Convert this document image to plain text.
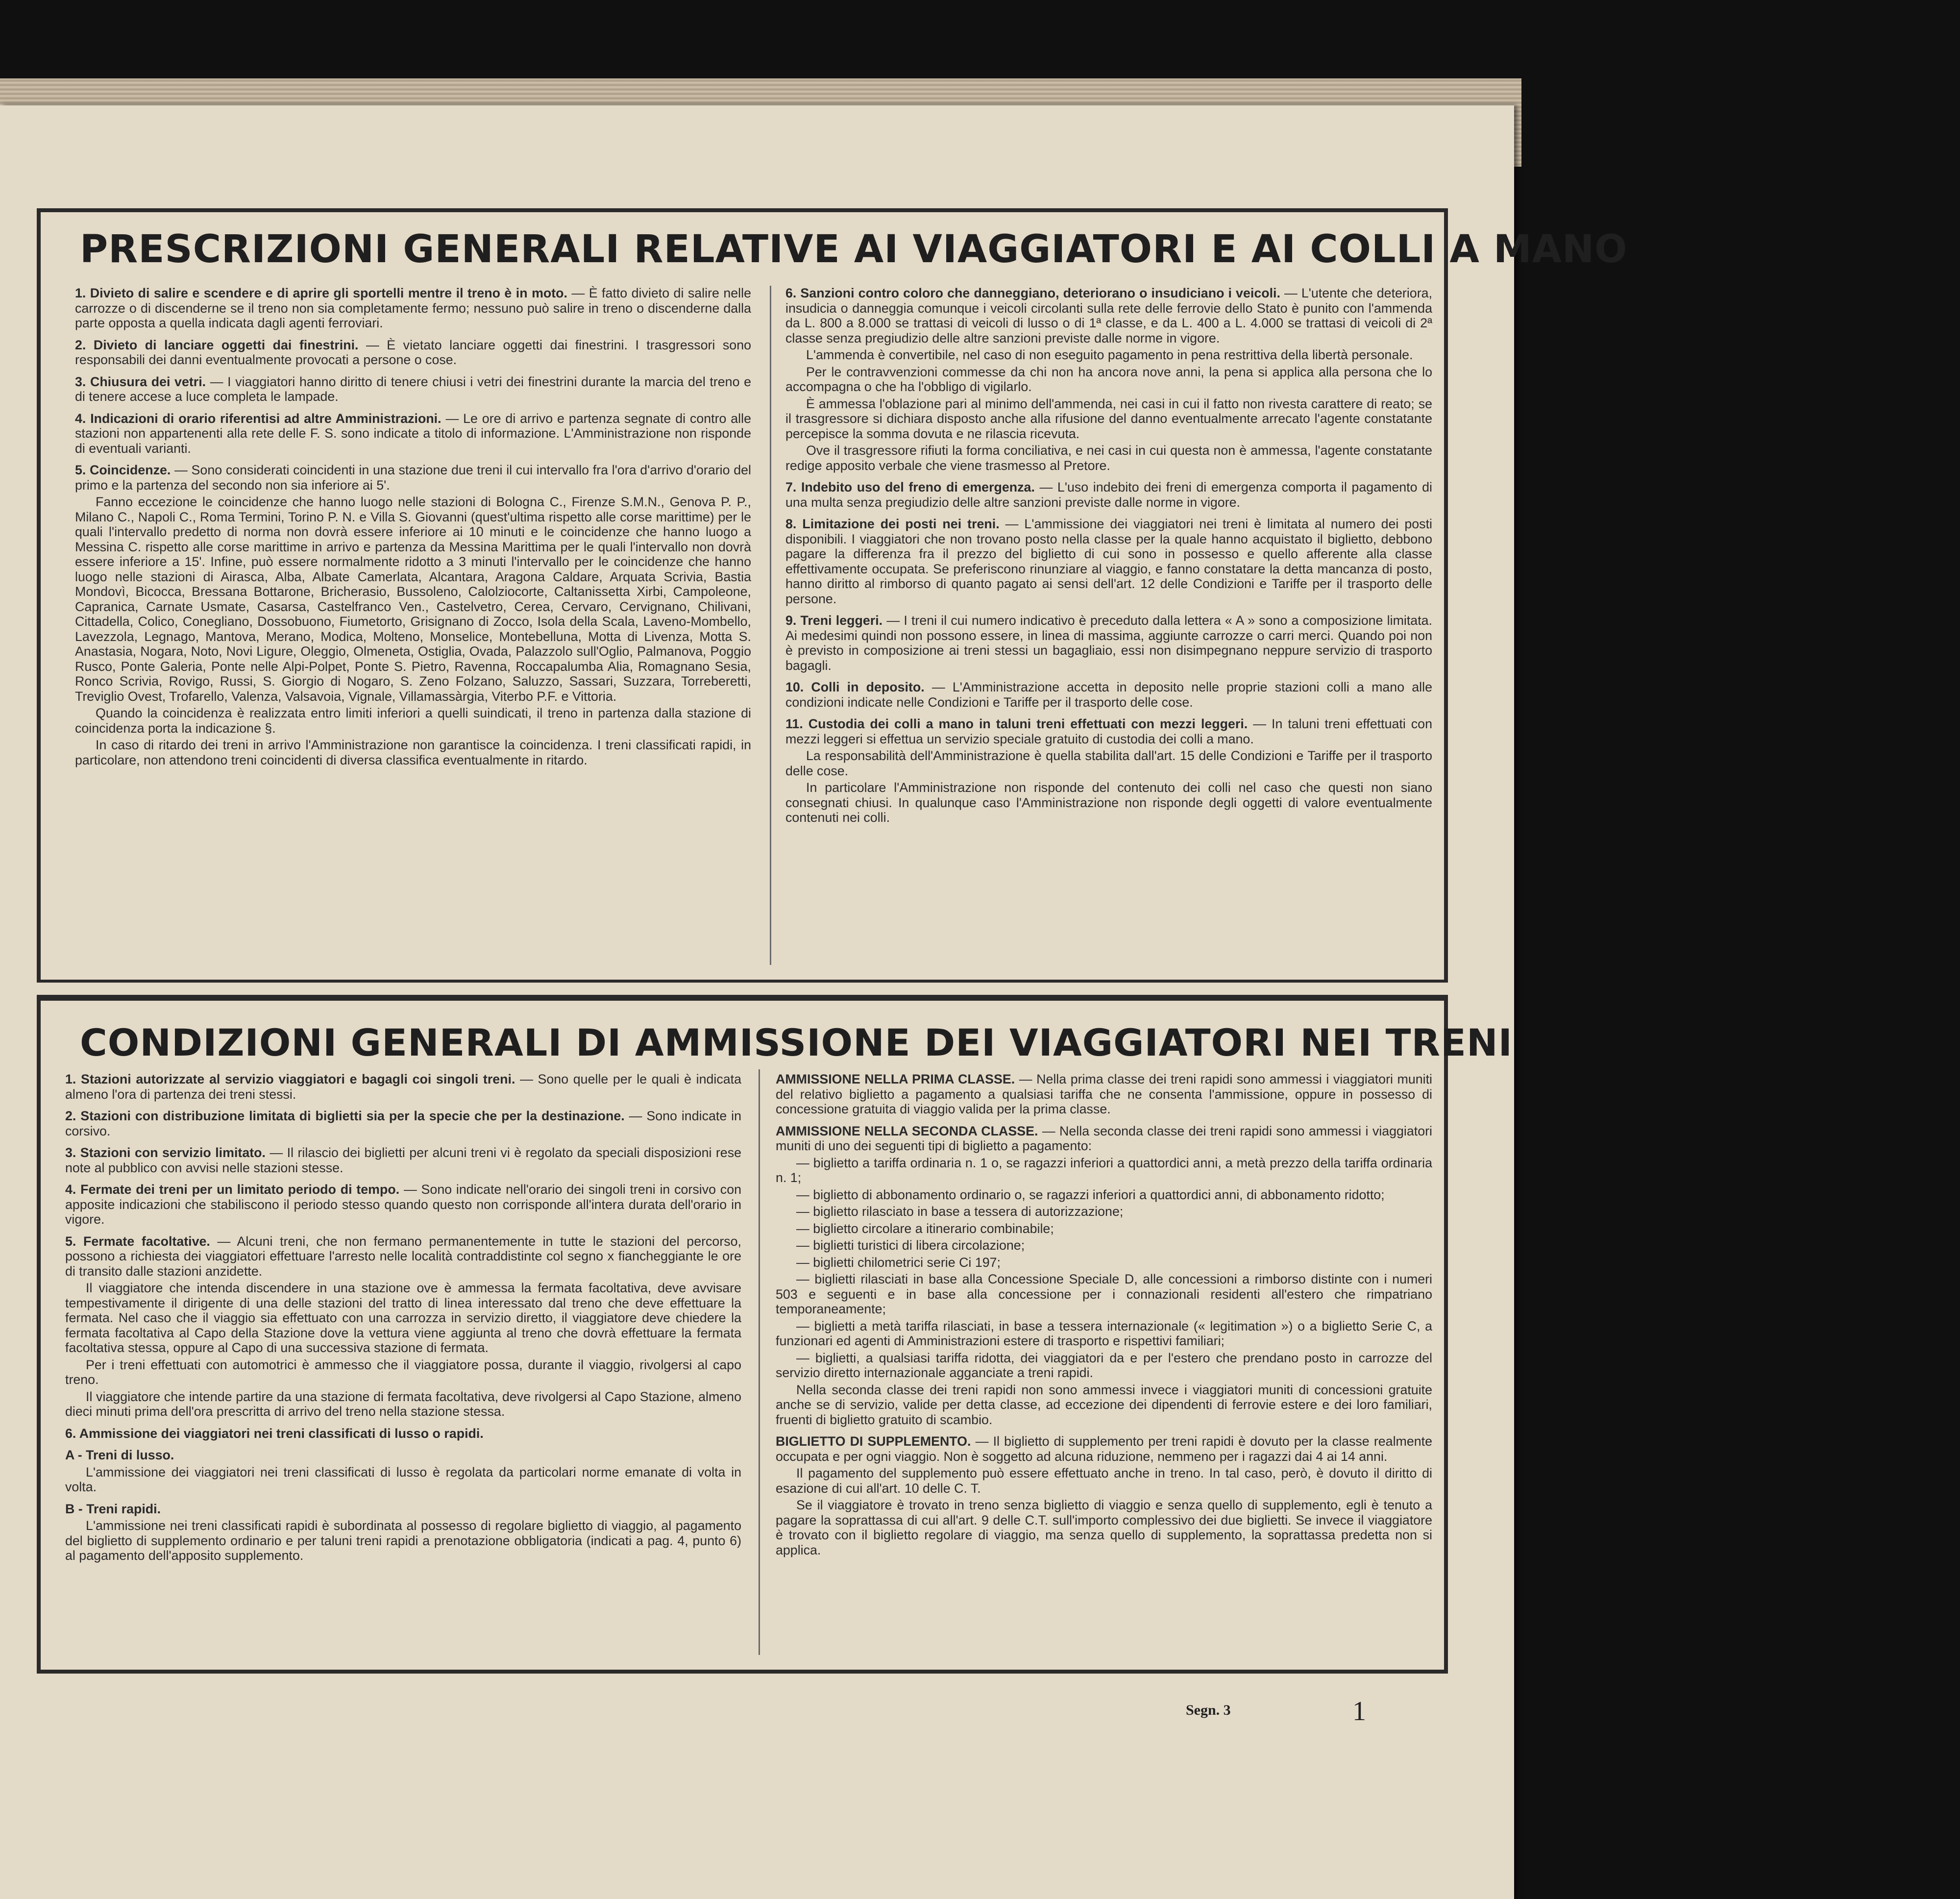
PRESCRIZIONI GENERALI RELATIVE AI VIAGGIATORI E AI COLLI A MANO

1. Divieto di salire e scendere e di aprire gli sportelli mentre il treno è in moto. — È fatto divieto di salire nelle carrozze o di discenderne se il treno non sia completamente fermo; nessuno può salire in treno o discenderne dalla parte opposta a quella indicata dagli agenti ferroviari.

2. Divieto di lanciare oggetti dai finestrini. — È vietato lanciare oggetti dai finestrini. I trasgressori sono responsabili dei danni eventualmente provocati a persone o cose.

3. Chiusura dei vetri. — I viaggiatori hanno diritto di tenere chiusi i vetri dei finestrini durante la marcia del treno e di tenere accese a luce completa le lampade.

4. Indicazioni di orario riferentisi ad altre Amministrazioni. — Le ore di arrivo e partenza segnate di contro alle stazioni non appartenenti alla rete delle F. S. sono indicate a titolo di informazione. L'Amministrazione non risponde di eventuali varianti.

5. Coincidenze. — Sono considerati coincidenti in una stazione due treni il cui intervallo fra l'ora d'arrivo d'orario del primo e la partenza del secondo non sia inferiore ai 5'.

Fanno eccezione le coincidenze che hanno luogo nelle stazioni di Bologna C., Firenze S.M.N., Genova P. P., Milano C., Napoli C., Roma Termini, Torino P. N. e Villa S. Giovanni (quest'ultima rispetto alle corse marittime) per le quali l'intervallo predetto di norma non dovrà essere inferiore ai 10 minuti e le coincidenze che hanno luogo a Messina C. rispetto alle corse marittime in arrivo e partenza da Messina Marittima per le quali l'intervallo non dovrà essere inferiore a 15'. Infine, può essere normalmente ridotto a 3 minuti l'intervallo per le coincidenze che hanno luogo nelle stazioni di Airasca, Alba, Albate Camerlata, Alcantara, Aragona Caldare, Arquata Scrivia, Bastia Mondovì, Bicocca, Bressana Bottarone, Bricherasio, Bussoleno, Calolziocorte, Caltanissetta Xirbi, Campoleone, Capranica, Carnate Usmate, Casarsa, Castelfranco Ven., Castelvetro, Cerea, Cervaro, Cervignano, Chilivani, Cittadella, Colico, Conegliano, Dossobuono, Fiumetorto, Grisignano di Zocco, Isola della Scala, Laveno-Mombello, Lavezzola, Legnago, Mantova, Merano, Modica, Molteno, Monselice, Montebelluna, Motta di Livenza, Motta S. Anastasia, Nogara, Noto, Novi Ligure, Oleggio, Olmeneta, Ostiglia, Ovada, Palazzolo sull'Oglio, Palmanova, Poggio Rusco, Ponte Galeria, Ponte nelle Alpi-Polpet, Ponte S. Pietro, Ravenna, Roccapalumba Alia, Romagnano Sesia, Ronco Scrivia, Rovigo, Russi, S. Giorgio di Nogaro, S. Zeno Folzano, Saluzzo, Sassari, Suzzara, Torreberetti, Treviglio Ovest, Trofarello, Valenza, Valsavoia, Vignale, Villamassàrgia, Viterbo P.F. e Vittoria.

Quando la coincidenza è realizzata entro limiti inferiori a quelli suindicati, il treno in partenza dalla stazione di coincidenza porta la indicazione §.

In caso di ritardo dei treni in arrivo l'Amministrazione non garantisce la coincidenza. I treni classificati rapidi, in particolare, non attendono treni coincidenti di diversa classifica eventualmente in ritardo.

6. Sanzioni contro coloro che danneggiano, deteriorano o insudiciano i veicoli. — L'utente che deteriora, insudicia o danneggia comunque i veicoli circolanti sulla rete delle ferrovie dello Stato è punito con l'ammenda da L. 800 a 8.000 se trattasi di veicoli di lusso o di 1ª classe, e da L. 400 a L. 4.000 se trattasi di veicoli di 2ª classe senza pregiudizio delle altre sanzioni previste dalle norme in vigore.

L'ammenda è convertibile, nel caso di non eseguito pagamento in pena restrittiva della libertà personale.

Per le contravvenzioni commesse da chi non ha ancora nove anni, la pena si applica alla persona che lo accompagna o che ha l'obbligo di vigilarlo.

È ammessa l'oblazione pari al minimo dell'ammenda, nei casi in cui il fatto non rivesta carattere di reato; se il trasgressore si dichiara disposto anche alla rifusione del danno eventualmente arrecato l'agente constatante percepisce la somma dovuta e ne rilascia ricevuta.

Ove il trasgressore rifiuti la forma conciliativa, e nei casi in cui questa non è ammessa, l'agente constatante redige apposito verbale che viene trasmesso al Pretore.

7. Indebito uso del freno di emergenza. — L'uso indebito dei freni di emergenza comporta il pagamento di una multa senza pregiudizio delle altre sanzioni previste dalle norme in vigore.

8. Limitazione dei posti nei treni. — L'ammissione dei viaggiatori nei treni è limitata al numero dei posti disponibili. I viaggiatori che non trovano posto nella classe per la quale hanno acquistato il biglietto, debbono pagare la differenza fra il prezzo del biglietto di cui sono in possesso e quello afferente alla classe effettivamente occupata. Se preferiscono rinunziare al viaggio, e fanno constatare la detta mancanza di posto, hanno diritto al rimborso di quanto pagato ai sensi dell'art. 12 delle Condizioni e Tariffe per il trasporto delle persone.

9. Treni leggeri. — I treni il cui numero indicativo è preceduto dalla lettera « A » sono a composizione limitata. Ai medesimi quindi non possono essere, in linea di massima, aggiunte carrozze o carri merci. Quando poi non è previsto in composizione ai treni stessi un bagagliaio, essi non disimpegnano neppure servizio di trasporto bagagli.

10. Colli in deposito. — L'Amministrazione accetta in deposito nelle proprie stazioni colli a mano alle condizioni indicate nelle Condizioni e Tariffe per il trasporto delle cose.

11. Custodia dei colli a mano in taluni treni effettuati con mezzi leggeri. — In taluni treni effettuati con mezzi leggeri si effettua un servizio speciale gratuito di custodia dei colli a mano.

La responsabilità dell'Amministrazione è quella stabilita dall'art. 15 delle Condizioni e Tariffe per il trasporto delle cose.

In particolare l'Amministrazione non risponde del contenuto dei colli nel caso che questi non siano consegnati chiusi. In qualunque caso l'Amministrazione non risponde degli oggetti di valore eventualmente contenuti nei colli.

CONDIZIONI GENERALI DI AMMISSIONE DEI VIAGGIATORI NEI TRENI

1. Stazioni autorizzate al servizio viaggiatori e bagagli coi singoli treni. — Sono quelle per le quali è indicata almeno l'ora di partenza dei treni stessi.

2. Stazioni con distribuzione limitata di biglietti sia per la specie che per la destinazione. — Sono indicate in corsivo.

3. Stazioni con servizio limitato. — Il rilascio dei biglietti per alcuni treni vi è regolato da speciali disposizioni rese note al pubblico con avvisi nelle stazioni stesse.

4. Fermate dei treni per un limitato periodo di tempo. — Sono indicate nell'orario dei singoli treni in corsivo con apposite indicazioni che stabiliscono il periodo stesso quando questo non corrisponde all'intera durata dell'orario in vigore.

5. Fermate facoltative. — Alcuni treni, che non fermano permanentemente in tutte le stazioni del percorso, possono a richiesta dei viaggiatori effettuare l'arresto nelle località contraddistinte col segno x fiancheggiante le ore di transito dalle stazioni anzidette.

Il viaggiatore che intenda discendere in una stazione ove è ammessa la fermata facoltativa, deve avvisare tempestivamente il dirigente di una delle stazioni del tratto di linea interessato dal treno che deve effettuare la fermata. Nel caso che il viaggio sia effettuato con una carrozza in servizio diretto, il viaggiatore deve chiedere la fermata facoltativa al Capo della Stazione dove la vettura viene aggiunta al treno che dovrà effettuare la fermata facoltativa stessa, oppure al Capo di una successiva stazione di fermata.

Per i treni effettuati con automotrici è ammesso che il viaggiatore possa, durante il viaggio, rivolgersi al capo treno.

Il viaggiatore che intende partire da una stazione di fermata facoltativa, deve rivolgersi al Capo Stazione, almeno dieci minuti prima dell'ora prescritta di arrivo del treno nella stazione stessa.

6. Ammissione dei viaggiatori nei treni classificati di lusso o rapidi.

A - Treni di lusso.

L'ammissione dei viaggiatori nei treni classificati di lusso è regolata da particolari norme emanate di volta in volta.

B - Treni rapidi.

L'ammissione nei treni classificati rapidi è subordinata al possesso di regolare biglietto di viaggio, al pagamento del biglietto di supplemento ordinario e per taluni treni rapidi a prenotazione obbligatoria (indicati a pag. 4, punto 6) al pagamento dell'apposito supplemento.

AMMISSIONE NELLA PRIMA CLASSE. — Nella prima classe dei treni rapidi sono ammessi i viaggiatori muniti del relativo biglietto a pagamento a qualsiasi tariffa che ne consenta l'ammissione, oppure in possesso di concessione gratuita di viaggio valida per la prima classe.

AMMISSIONE NELLA SECONDA CLASSE. — Nella seconda classe dei treni rapidi sono ammessi i viaggiatori muniti di uno dei seguenti tipi di biglietto a pagamento:

— biglietto a tariffa ordinaria n. 1 o, se ragazzi inferiori a quattordici anni, a metà prezzo della tariffa ordinaria n. 1;

— biglietto di abbonamento ordinario o, se ragazzi inferiori a quattordici anni, di abbonamento ridotto;

— biglietto rilasciato in base a tessera di autorizzazione;

— biglietto circolare a itinerario combinabile;

— biglietti turistici di libera circolazione;

— biglietti chilometrici serie Ci 197;

— biglietti rilasciati in base alla Concessione Speciale D, alle concessioni a rimborso distinte con i numeri 503 e seguenti e in base alla concessione per i connazionali residenti all'estero che rimpatriano temporaneamente;

— biglietti a metà tariffa rilasciati, in base a tessera internazionale (« legitimation ») o a biglietto Serie C, a funzionari ed agenti di Amministrazioni estere di trasporto e rispettivi familiari;

— biglietti, a qualsiasi tariffa ridotta, dei viaggiatori da e per l'estero che prendano posto in carrozze del servizio diretto internazionale agganciate a treni rapidi.

Nella seconda classe dei treni rapidi non sono ammessi invece i viaggiatori muniti di concessioni gratuite anche se di servizio, valide per detta classe, ad eccezione dei dipendenti di ferrovie estere e dei loro familiari, fruenti di biglietto gratuito di scambio.

BIGLIETTO DI SUPPLEMENTO. — Il biglietto di supplemento per treni rapidi è dovuto per la classe realmente occupata e per ogni viaggio. Non è soggetto ad alcuna riduzione, nemmeno per i ragazzi dai 4 ai 14 anni.

Il pagamento del supplemento può essere effettuato anche in treno. In tal caso, però, è dovuto il diritto di esazione di cui all'art. 10 delle C. T.

Se il viaggiatore è trovato in treno senza biglietto di viaggio e senza quello di supplemento, egli è tenuto a pagare la soprattassa di cui all'art. 9 delle C.T. sull'importo complessivo dei due biglietti. Se invece il viaggiatore è trovato con il biglietto regolare di viaggio, ma senza quello di supplemento, la soprattassa predetta non si applica.

Segn. 3	1
